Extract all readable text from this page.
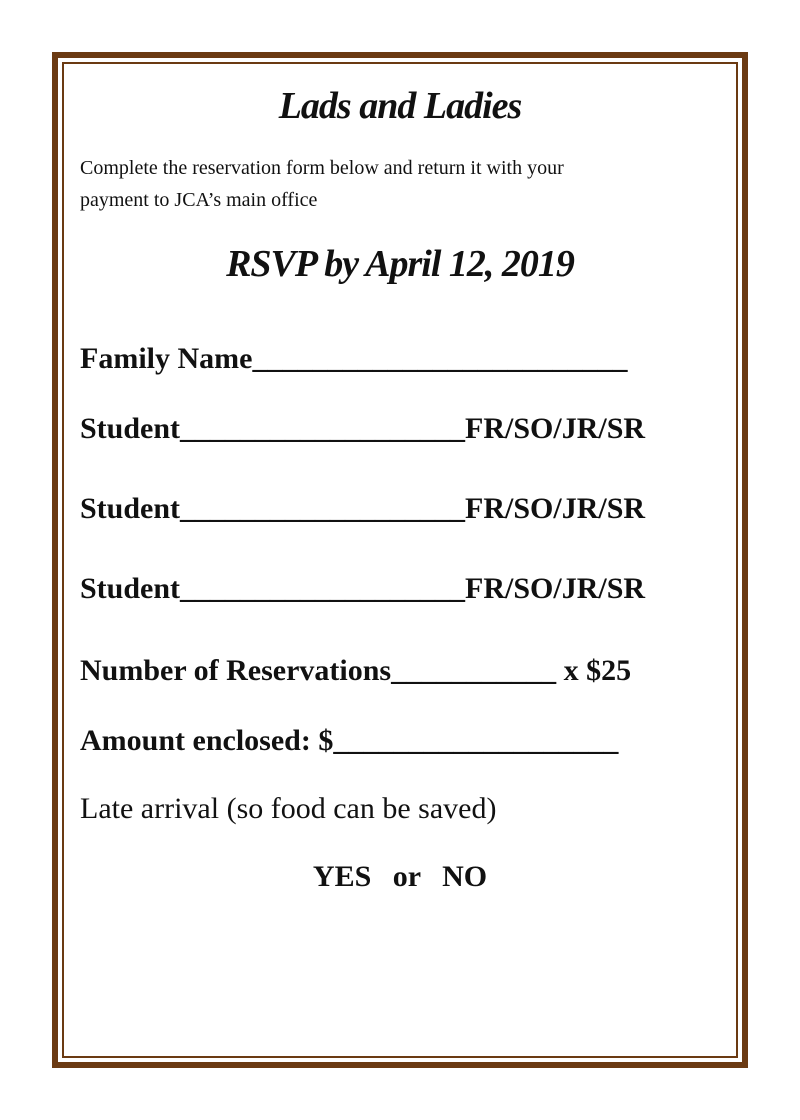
Lads and Ladies
Complete the reservation form below and return it with your
payment to JCA’s main office
RSVP by April 12, 2019
Family Name_________________________
Student___________________FR/SO/JR/SR
Student___________________FR/SO/JR/SR
Student___________________FR/SO/JR/SR
Number of Reservations___________ x $25
Amount enclosed: $___________________
Late arrival (so food can be saved)
YES or NO
